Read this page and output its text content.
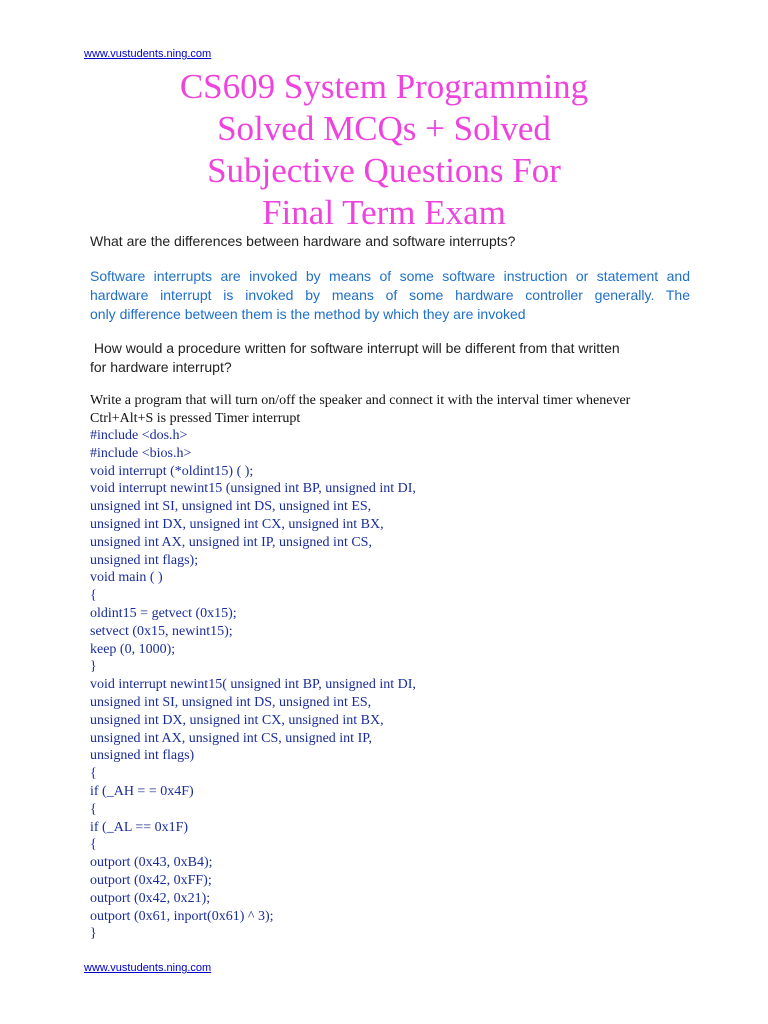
www.vustudents.ning.com
CS609 System Programming
Solved MCQs + Solved
Subjective Questions For
Final Term Exam
What are the differences between hardware and software interrupts?
Software interrupts are invoked by means of some software instruction or statement and
hardware interrupt is invoked by means of some hardware controller generally. The
only difference between them is the method by which they are invoked
How would a procedure written for software interrupt will be different from that written
for hardware interrupt?
Write a program that will turn on/off the speaker and connect it with the interval timer whenever
Ctrl+Alt+S is pressed Timer interrupt
#include <dos.h>
#include <bios.h>
void interrupt (*oldint15) ( );
void interrupt newint15 (unsigned int BP, unsigned int DI,
unsigned int SI, unsigned int DS, unsigned int ES,
unsigned int DX, unsigned int CX, unsigned int BX,
unsigned int AX, unsigned int IP, unsigned int CS,
unsigned int flags);
void main ( )
{
oldint15 = getvect (0x15);
setvect (0x15, newint15);
keep (0, 1000);
}
void interrupt newint15( unsigned int BP, unsigned int DI,
unsigned int SI, unsigned int DS, unsigned int ES,
unsigned int DX, unsigned int CX, unsigned int BX,
unsigned int AX, unsigned int CS, unsigned int IP,
unsigned int flags)
{
if (_AH = = 0x4F)
{
if (_AL == 0x1F)
{
outport (0x43, 0xB4);
outport (0x42, 0xFF);
outport (0x42, 0x21);
outport (0x61, inport(0x61) ^ 3);
}
www.vustudents.ning.com
